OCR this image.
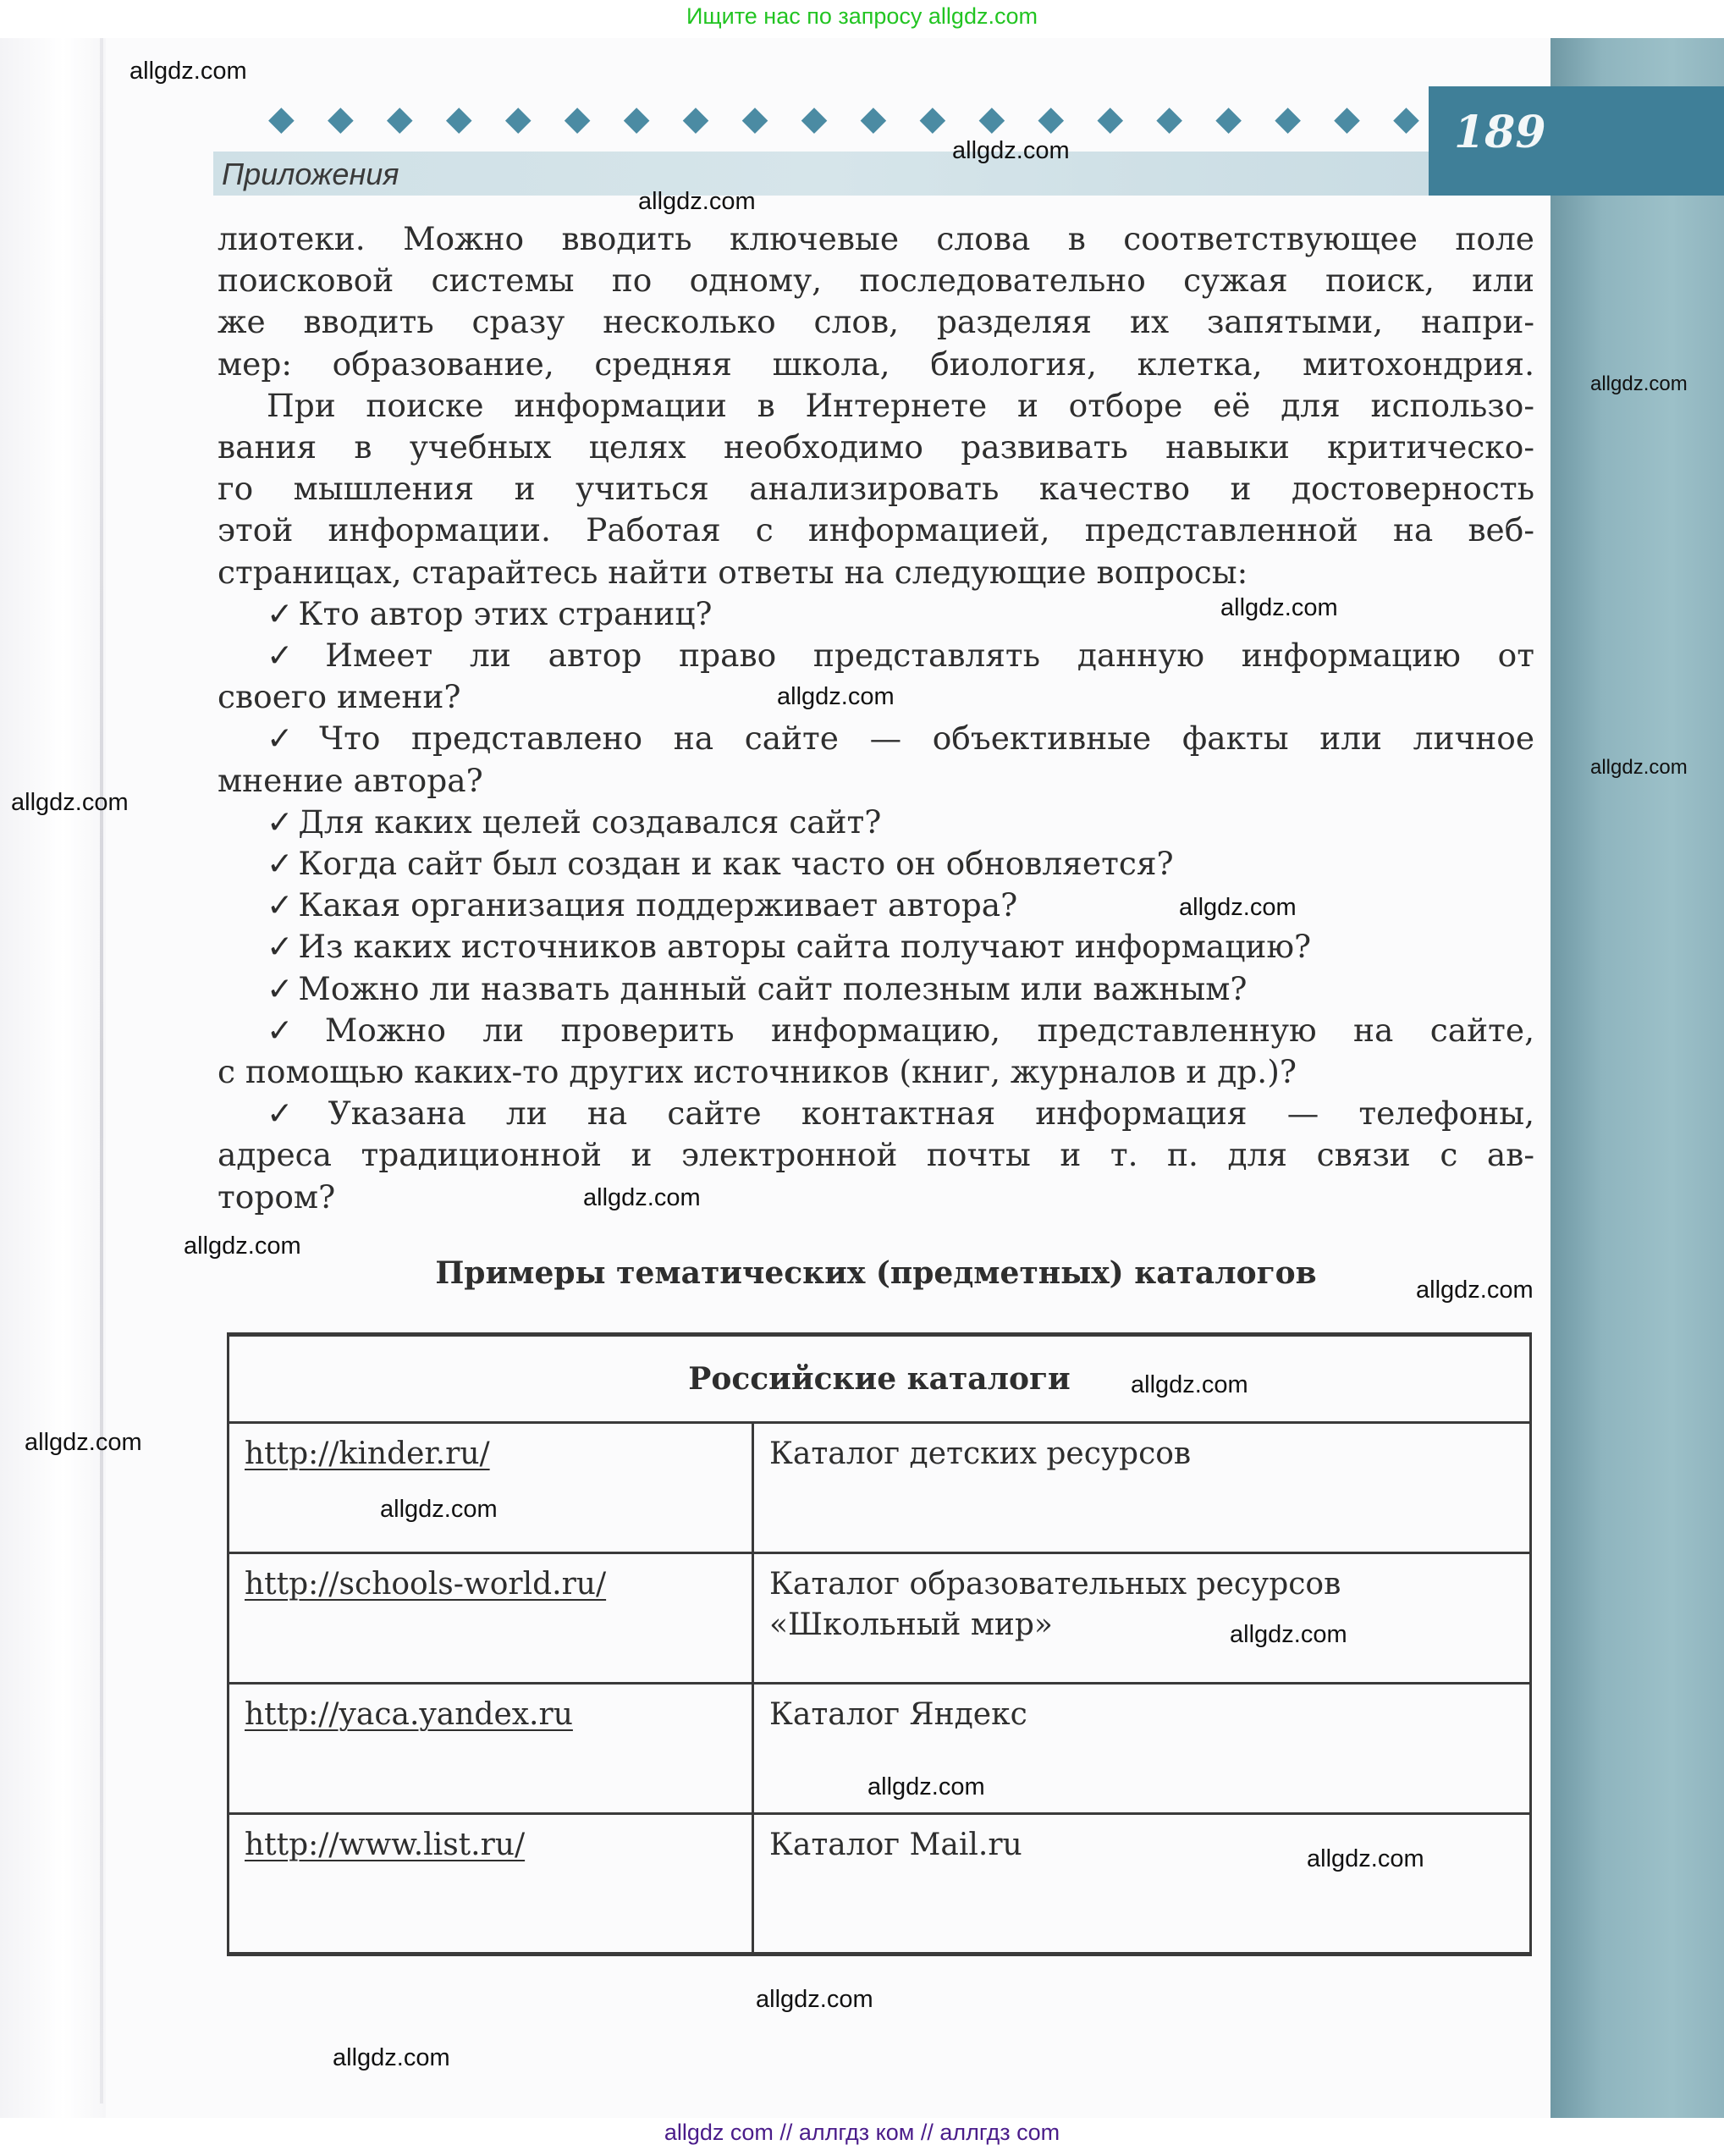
Ищите нас по запросу allgdz.com
◆ ◆ ◆ ◆ ◆ ◆ ◆ ◆ ◆ ◆ ◆ ◆ ◆ ◆ ◆ ◆ ◆ ◆ ◆ ◆
Приложения
189
лиотеки. Можно вводить ключевые слова в соответствующее поле
поисковой системы по одному, последовательно сужая поиск, или
же вводить сразу несколько слов, разделяя их запятыми, напри-
мер: образование, средняя школа, биология, клетка, митохондрия.
При поиске информации в Интернете и отборе её для использо-
вания в учебных целях необходимо развивать навыки критическо-
го мышления и учиться анализировать качество и достоверность
этой информации. Работая с информацией, представленной на веб-
страницах, старайтесь найти ответы на следующие вопросы:
✓ Кто автор этих страниц?
✓ Имеет ли автор право представлять данную информацию от
своего имени?
✓ Что представлено на сайте — объективные факты или личное
мнение автора?
✓ Для каких целей создавался сайт?
✓ Когда сайт был создан и как часто он обновляется?
✓ Какая организация поддерживает автора?
✓ Из каких источников авторы сайта получают информацию?
✓ Можно ли назвать данный сайт полезным или важным?
✓ Можно ли проверить информацию, представленную на сайте,
с помощью каких-то других источников (книг, журналов и др.)?
✓ Указана ли на сайте контактная информация — телефоны,
адреса традиционной и электронной почты и т. п. для связи с ав-
тором?
Примеры тематических (предметных) каталогов
Российские каталоги	
http://kinder.ru/	Каталог детских ресурсов
http://schools-world.ru/	Каталог образовательных ресурсов «Школьный мир»
http://yaca.yandex.ru	Каталог Яндекс
http://www.list.ru/	Каталог Mail.ru
allgdz.com
allgdz.com
allgdz.com
allgdz.com
allgdz.com
allgdz.com
allgdz.com
allgdz.com
allgdz.com
allgdz.com
allgdz.com
allgdz.com
allgdz.com
allgdz.com
allgdz.com
allgdz.com
allgdz.com
allgdz.com
allgdz.com
allgdz.com
allgdz com // аллгдз ком // аллгдз com
